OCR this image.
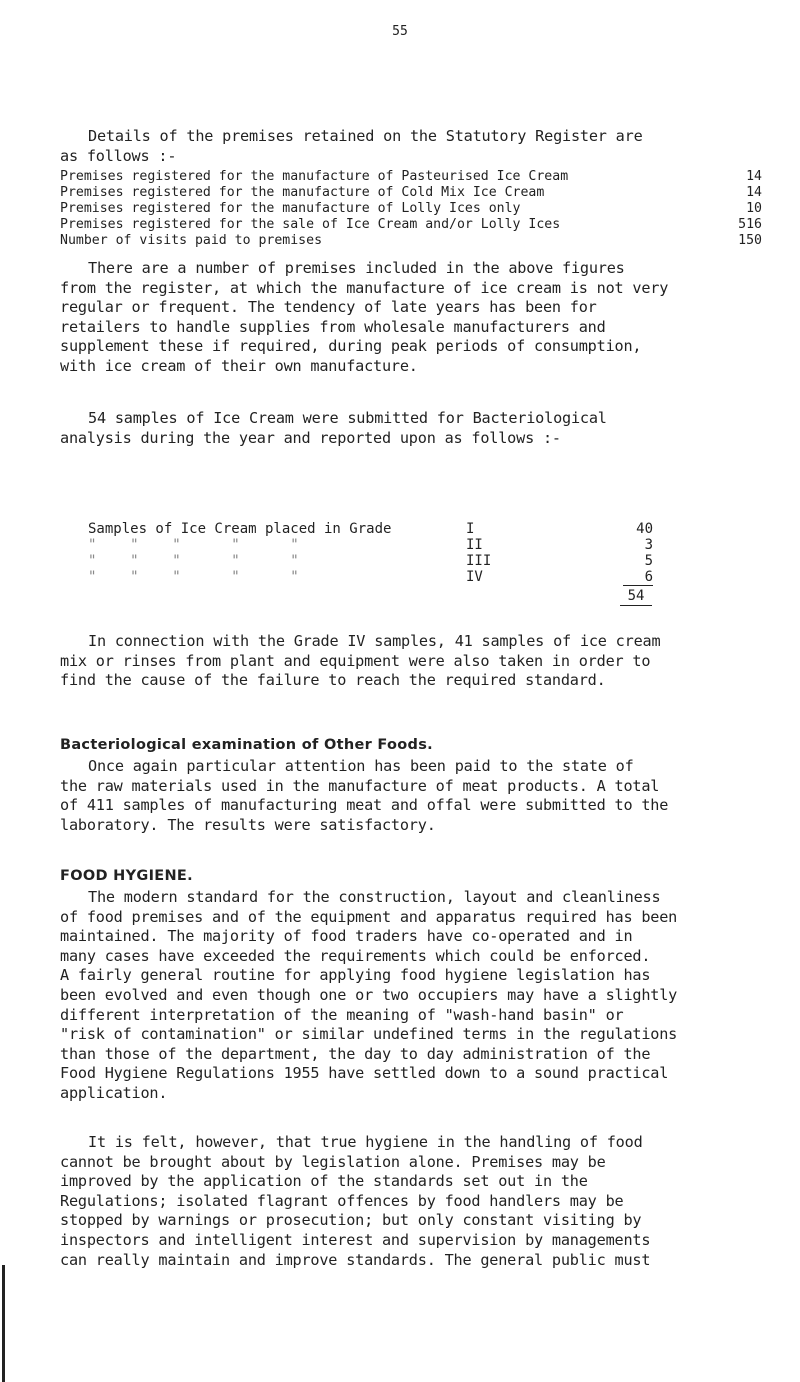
55
Details of the premises retained on the Statutory Register are
as follows :-
Premises registered for the manufacture of Pasteurised Ice Cream	14
Premises registered for the manufacture of Cold Mix Ice Cream	14
Premises registered for the manufacture of Lolly Ices only	10
Premises registered for the sale of Ice Cream and/or Lolly Ices	516
Number of visits paid to premises	150
There are a number of premises included in the above figures
from the register, at which the manufacture of ice cream is not very
regular or frequent. The tendency of late years has been for
retailers to handle supplies from wholesale manufacturers and
supplement these if required, during peak periods of consumption,
with ice cream of their own manufacture.
54 samples of Ice Cream were submitted for Bacteriological
analysis during the year and reported upon as follows :-
Samples of Ice Cream placed in Grade	I	40
"    "    "      "      "	II	3
"    "    "      "      "	III	5
"    "    "      "      "	IV	6
54
In connection with the Grade IV samples, 41 samples of ice cream
mix or rinses from plant and equipment were also taken in order to
find the cause of the failure to reach the required standard.
Bacteriological examination of Other Foods.
Once again particular attention has been paid to the state of
the raw materials used in the manufacture of meat products. A total
of 411 samples of manufacturing meat and offal were submitted to the
laboratory. The results were satisfactory.
FOOD HYGIENE.
The modern standard for the construction, layout and cleanliness
of food premises and of the equipment and apparatus required has been
maintained. The majority of food traders have co-operated and in
many cases have exceeded the requirements which could be enforced.
A fairly general routine for applying food hygiene legislation has
been evolved and even though one or two occupiers may have a slightly
different interpretation of the meaning of "wash-hand basin" or
"risk of contamination" or similar undefined terms in the regulations
than those of the department, the day to day administration of the
Food Hygiene Regulations 1955 have settled down to a sound practical
application.
It is felt, however, that true hygiene in the handling of food
cannot be brought about by legislation alone. Premises may be
improved by the application of the standards set out in the
Regulations; isolated flagrant offences by food handlers may be
stopped by warnings or prosecution; but only constant visiting by
inspectors and intelligent interest and supervision by managements
can really maintain and improve standards. The general public must
